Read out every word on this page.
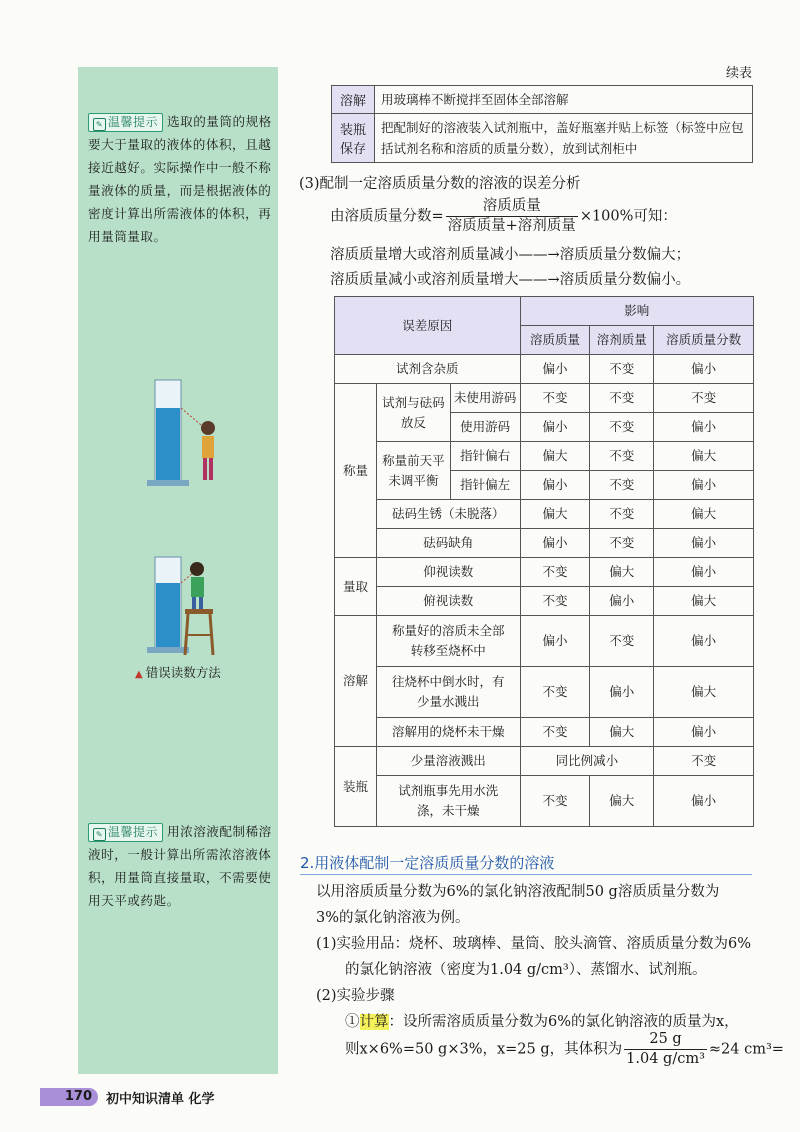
✎ 温馨提示 选取的量筒的规格要大于量取的液体的体积，且越接近越好。实际操作中一般不称量液体的质量，而是根据液体的密度计算出所需液体的体积，再用量筒量取。
▲ 错误读数方法
✎ 温馨提示 用浓溶液配制稀溶液时，一般计算出所需浓溶液体积，用量筒直接量取，不需要使用天平或药匙。
续表
溶解	用玻璃棒不断搅拌至固体全部溶解
装瓶保存	把配制好的溶液装入试剂瓶中，盖好瓶塞并贴上标签（标签中应包括试剂名称和溶质的质量分数），放到试剂柜中
(3)配制一定溶质质量分数的溶液的误差分析
由溶质质量分数= $\frac{\text{溶质质量}}{\text{溶质质量+溶剂质量}} \times 100\%$可知：
溶质质量增大或溶剂质量减小——→溶质质量分数偏大；
溶质质量减小或溶剂质量增大——→溶质质量分数偏小。
误差原因			影响		
			溶质质量	溶剂质量	溶质质量分数
试剂含杂质			偏小	不变	偏小
称量	试剂与砝码放反	未使用游码	不变	不变	不变
		使用游码	偏小	不变	偏小
	称量前天平未调平衡	指针偏右	偏大	不变	偏大
		指针偏左	偏小	不变	偏小
	砝码生锈（未脱落）		偏大	不变	偏大
	砝码缺角		偏小	不变	偏小
量取	仰视读数		不变	偏大	偏小
	俯视读数		不变	偏小	偏大
溶解	称量好的溶质未全部转移至烧杯中		偏小	不变	偏小
	往烧杯中倒水时，有少量水溅出		不变	偏小	偏大
	溶解用的烧杯未干燥		不变	偏大	偏小
装瓶	少量溶液溅出		同比例减小		不变
	试剂瓶事先用水洗涤，未干燥		不变	偏大	偏小
2.用液体配制一定溶质质量分数的溶液
以用溶质质量分数为6%的氯化钠溶液配制50 g溶质质量分数为
3%的氯化钠溶液为例。
(1)实验用品：烧杯、玻璃棒、量筒、胶头滴管、溶质质量分数为6%
的氯化钠溶液（密度为1.04 g/cm³）、蒸馏水、试剂瓶。
(2)实验步骤
①计算：设所需溶质质量分数为6%的氯化钠溶液的质量为x，
则x×6%=50 g×3%，x=25 g，其体积为 $\frac{25 g}{\text{1.04 g/cm³}} \approx 24$ cm³=
170	初中知识清单 化学
